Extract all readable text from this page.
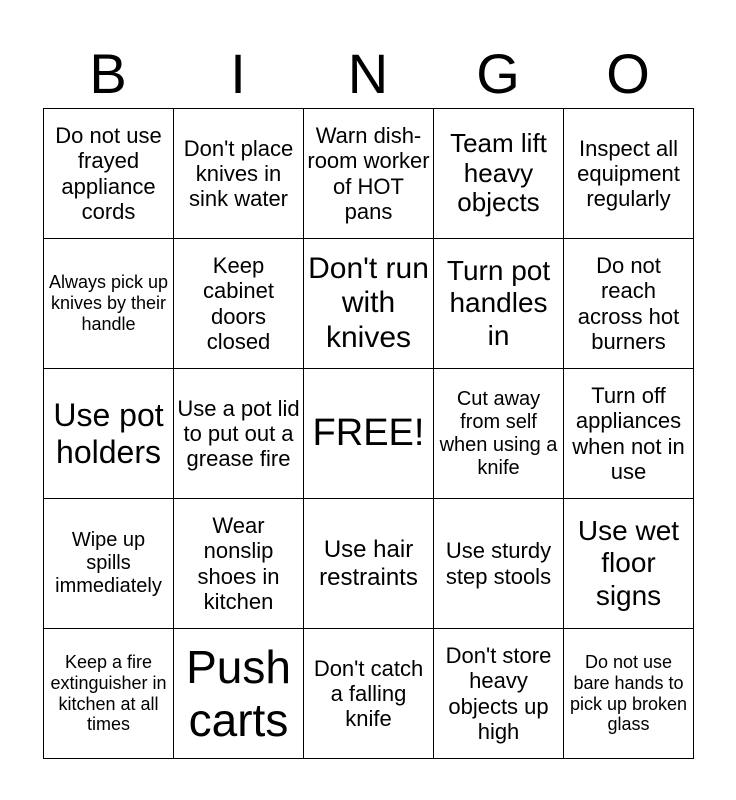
B	I	N	G	O
Do not use frayed appliance cords	Don't place knives in sink water	Warn dish-room worker of HOT pans	Team lift heavy objects	Inspect all equipment regularly
Always pick up knives by their handle	Keep cabinet doors closed	Don't run with knives	Turn pot handles in	Do not reach across hot burners
Use pot holders	Use a pot lid to put out a grease fire	FREE!	Cut away from self when using a knife	Turn off appliances when not in use
Wipe up spills immediately	Wear nonslip shoes in kitchen	Use hair restraints	Use sturdy step stools	Use wet floor signs
Keep a fire extinguisher in kitchen at all times	Push carts	Don't catch a falling knife	Don't store heavy objects up high	Do not use bare hands to pick up broken glass
